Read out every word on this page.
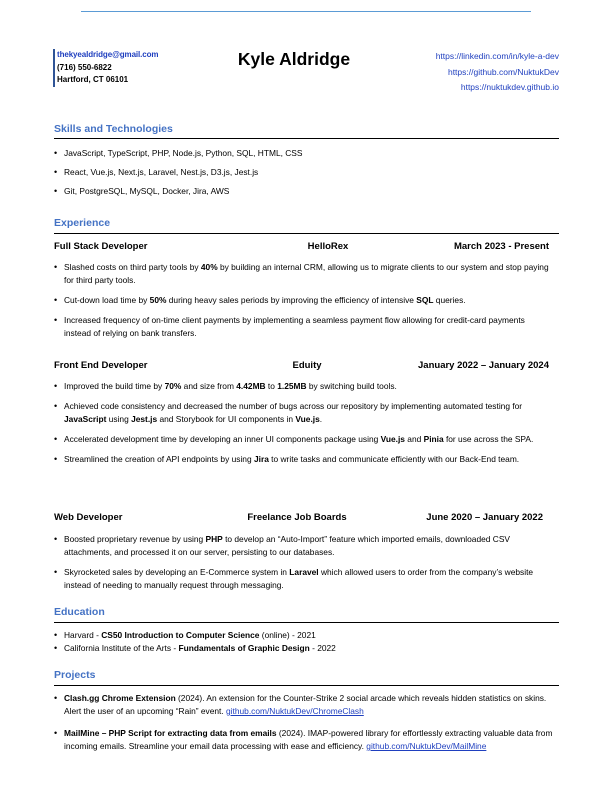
thekyealdridge@gmail.com
(716) 550-6822
Hartford, CT 06101
Kyle Aldridge	https://linkedin.com/in/kyle-a-dev
https://github.com/NuktukDev
https://nuktukdev.github.io
Skills and Technologies
• JavaScript, TypeScript, PHP, Node.js, Python, SQL, HTML, CSS
• React, Vue.js, Next.js, Laravel, Nest.js, D3.js, Jest.js
• Git, PostgreSQL, MySQL, Docker, Jira, AWS
Experience
Full Stack Developer	HelloRex	March 2023 - Present
• Slashed costs on third party tools by 40% by building an internal CRM, allowing us to migrate clients to our system and stop paying for third party tools.
• Cut-down load time by 50% during heavy sales periods by improving the efficiency of intensive SQL queries.
• Increased frequency of on-time client payments by implementing a seamless payment flow allowing for credit-card payments instead of relying on bank transfers.
Front End Developer	Eduity	January 2022 – January 2024
• Improved the build time by 70% and size from 4.42MB to 1.25MB by switching build tools.
• Achieved code consistency and decreased the number of bugs across our repository by implementing automated testing for JavaScript using Jest.js and Storybook for UI components in Vue.js.
• Accelerated development time by developing an inner UI components package using Vue.js and Pinia for use across the SPA.
• Streamlined the creation of API endpoints by using Jira to write tasks and communicate efficiently with our Back-End team.
Web Developer	Freelance Job Boards	June 2020 – January 2022
• Boosted proprietary revenue by using PHP to develop an “Auto-Import” feature which imported emails, downloaded CSV attachments, and processed it on our server, persisting to our databases.
• Skyrocketed sales by developing an E-Commerce system in Laravel which allowed users to order from the company’s website instead of needing to manually request through messaging.
Education
• Harvard - CS50 Introduction to Computer Science (online) - 2021
• California Institute of the Arts - Fundamentals of Graphic Design - 2022
Projects
• Clash.gg Chrome Extension (2024). An extension for the Counter-Strike 2 social arcade which reveals hidden statistics on skins. Alert the user of an upcoming “Rain” event. github.com/NuktukDev/ChromeClash
• MailMine – PHP Script for extracting data from emails (2024). IMAP-powered library for effortlessly extracting valuable data from incoming emails. Streamline your email data processing with ease and efficiency. github.com/NuktukDev/MailMine
